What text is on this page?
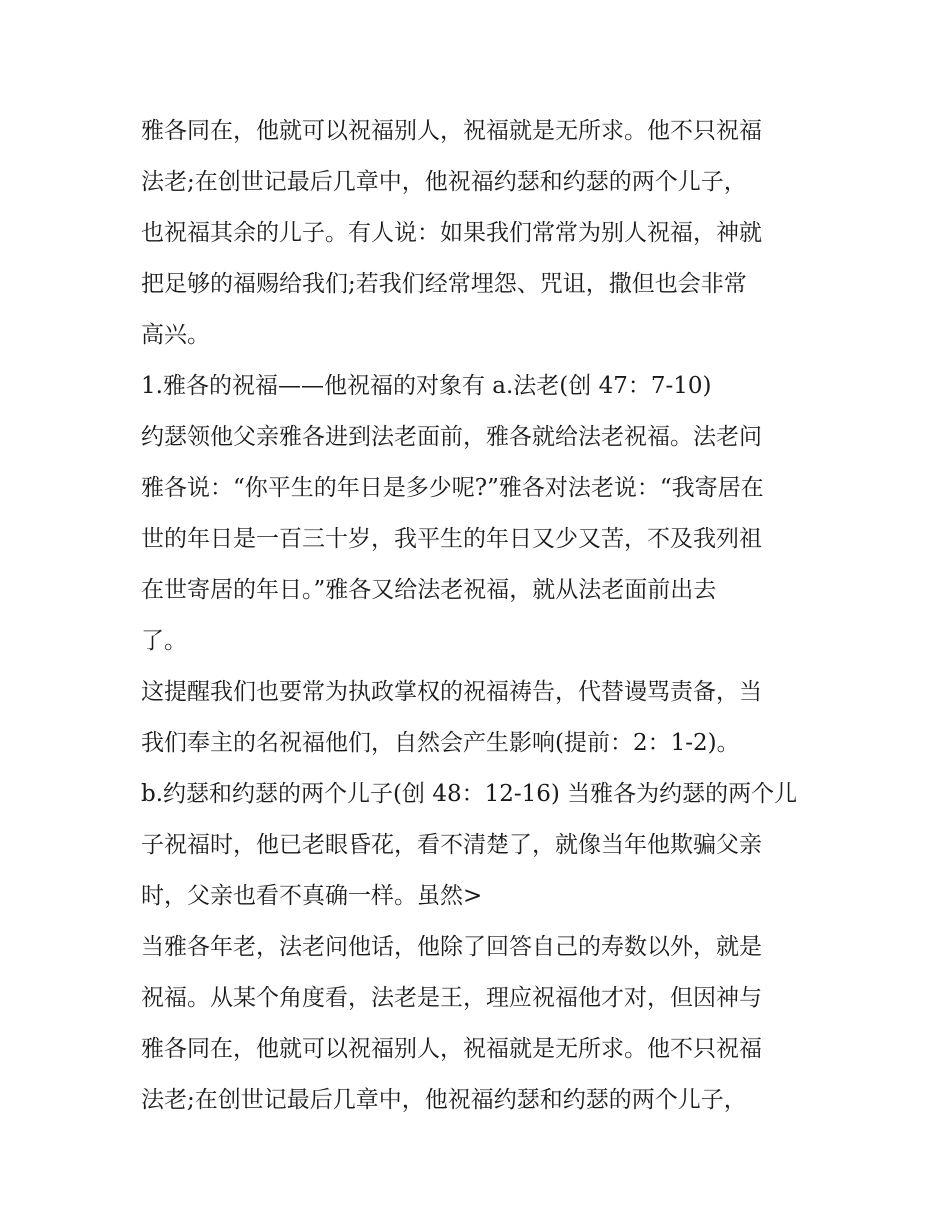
雅各同在，他就可以祝福别人，祝福就是无所求。他不只祝福
法老;在创世记最后几章中，他祝福约瑟和约瑟的两个儿子，
也祝福其余的儿子。有人说：如果我们常常为别人祝福，神就
把足够的福赐给我们;若我们经常埋怨、咒诅，撒但也会非常
高兴。
1.雅各的祝福——他祝福的对象有 a.法老(创 47：7-10)
约瑟领他父亲雅各进到法老面前，雅各就给法老祝福。法老问
雅各说：“你平生的年日是多少呢?”雅各对法老说：“我寄居在
世的年日是一百三十岁，我平生的年日又少又苦，不及我列祖
在世寄居的年日。”雅各又给法老祝福，就从法老面前出去
了。
这提醒我们也要常为执政掌权的祝福祷告，代替谩骂责备，当
我们奉主的名祝福他们，自然会产生影响(提前：2：1-2)。
b.约瑟和约瑟的两个儿子(创 48：12-16) 当雅各为约瑟的两个儿
子祝福时，他已老眼昏花，看不清楚了，就像当年他欺骗父亲
时，父亲也看不真确一样。虽然>
当雅各年老，法老问他话，他除了回答自己的寿数以外，就是
祝福。从某个角度看，法老是王，理应祝福他才对，但因神与
雅各同在，他就可以祝福别人，祝福就是无所求。他不只祝福
法老;在创世记最后几章中，他祝福约瑟和约瑟的两个儿子，
